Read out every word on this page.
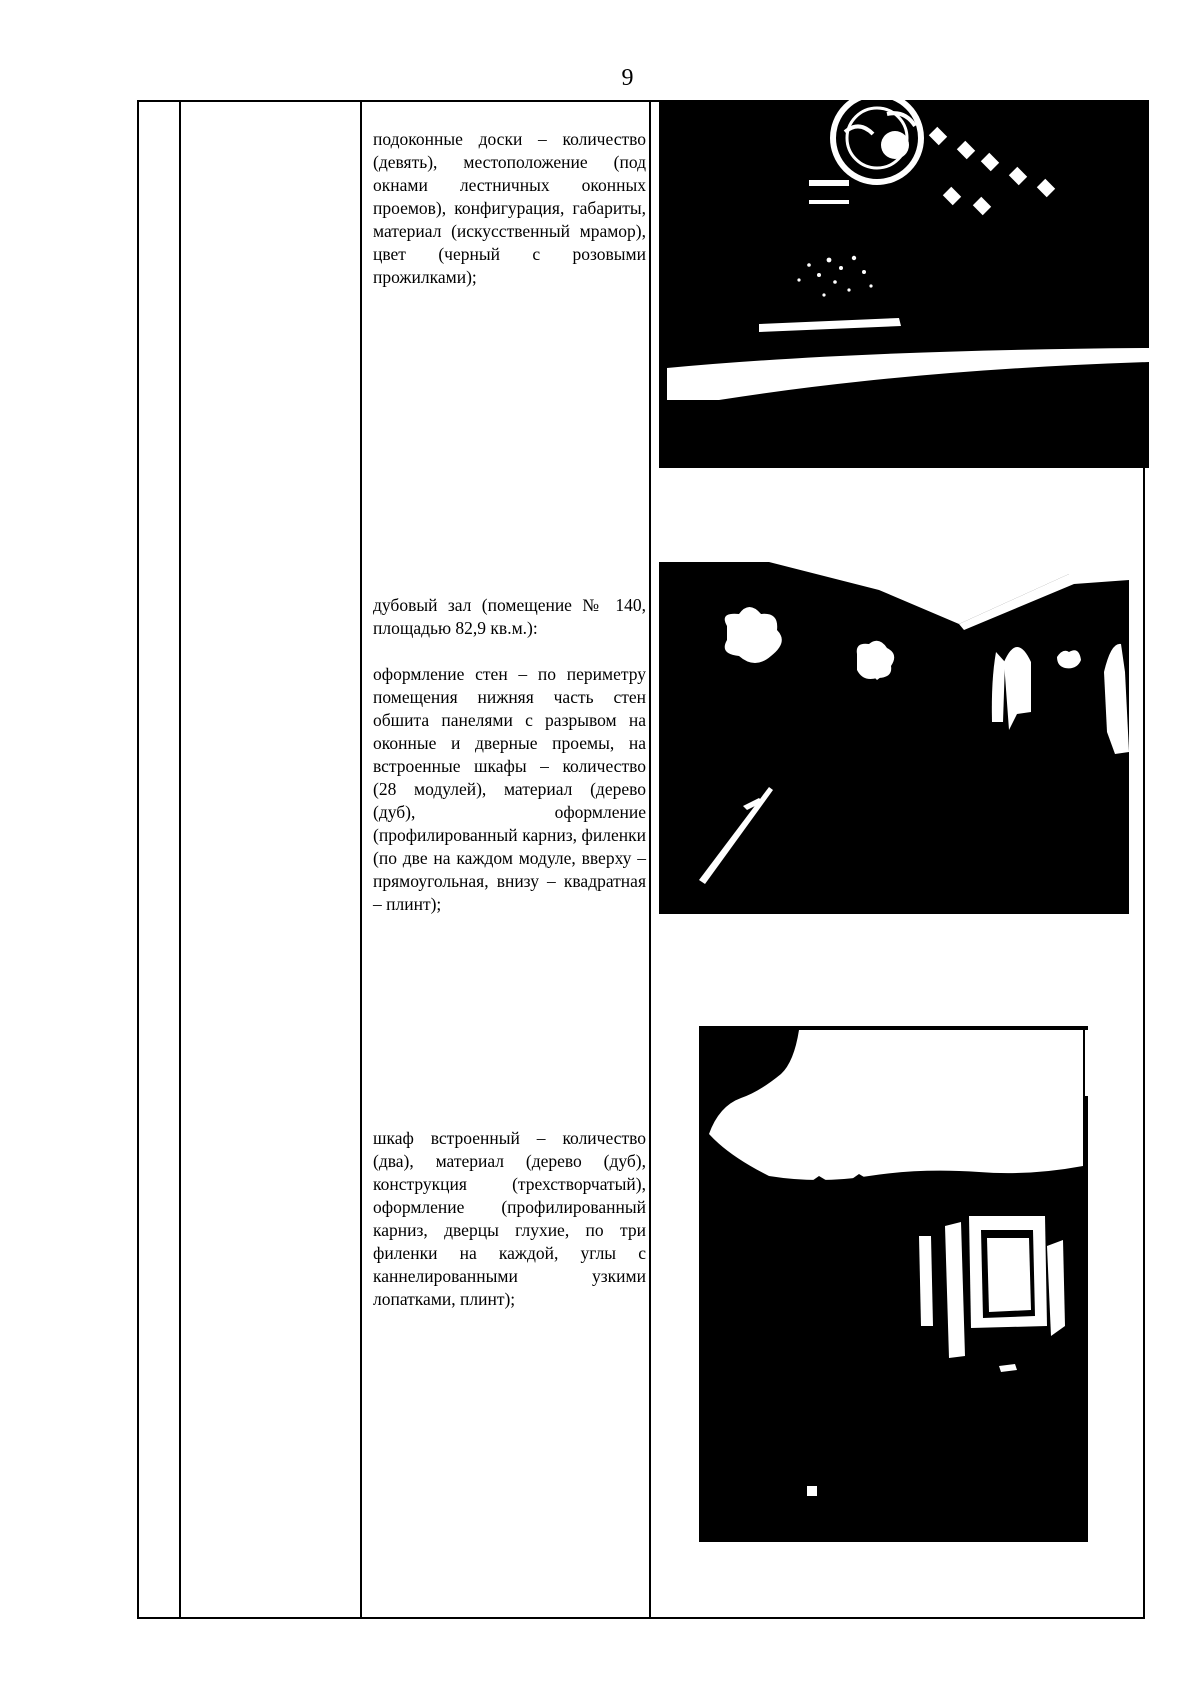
9

подоконные доски – количество (девять), местоположение (под окнами лестничных оконных проемов), конфигурация, габариты, материал (искусственный мрамор), цвет (черный с розовыми прожилками);

дубовый зал (помещение № 140, площадью 82,9 кв.м.):

оформление стен – по периметру помещения нижняя часть стен обшита панелями с разрывом на оконные и дверные проемы, на встроенные шкафы – количество (28 модулей), материал (дерево (дуб), оформление (профилированный карниз, филенки (по две на каждом модуле, вверху – прямоугольная, внизу – квадратная – плинт);

шкаф встроенный – количество (два), материал (дерево (дуб), конструкция (трехстворчатый), оформление (профилированный карниз, дверцы глухие, по три филенки на каждой, углы с каннелированными узкими лопатками, плинт);
